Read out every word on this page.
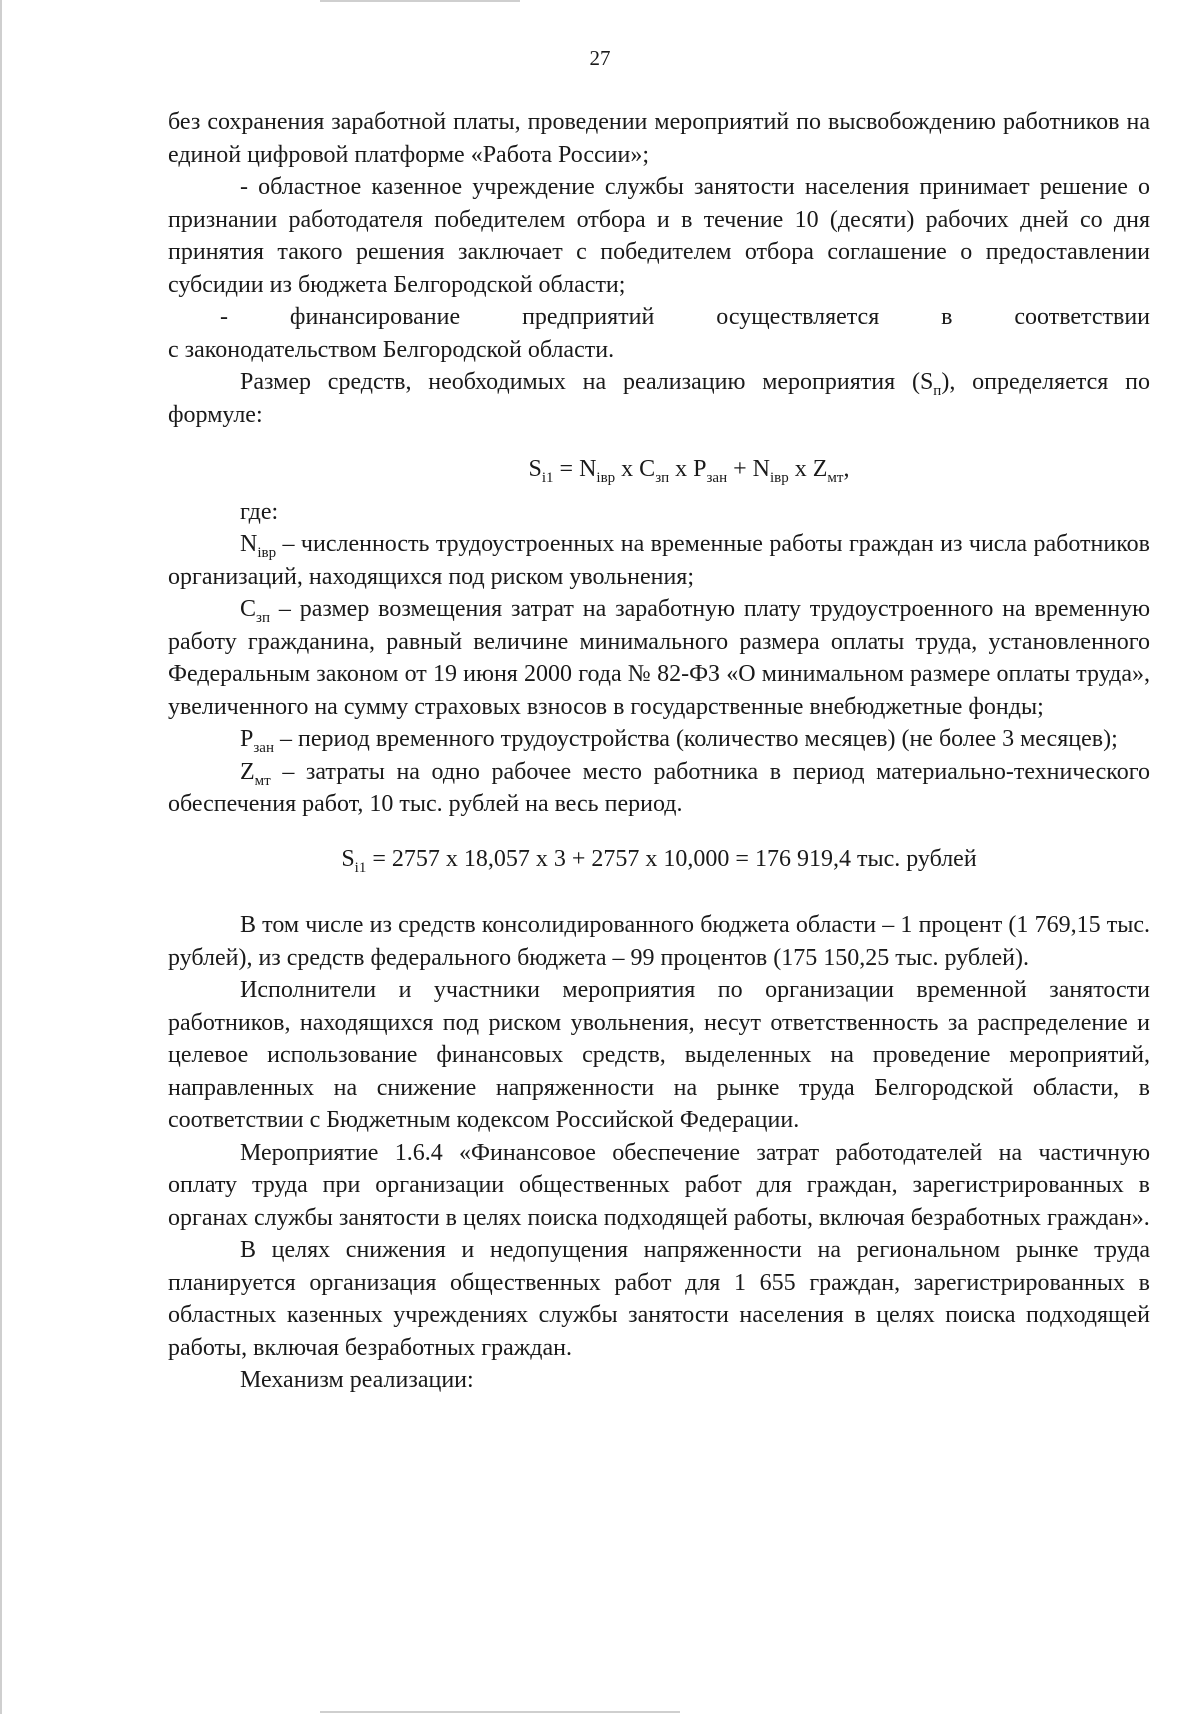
27

без сохранения заработной платы, проведении мероприятий по высвобождению работников на единой цифровой платформе «Работа России»;

- областное казенное учреждение службы занятости населения принимает решение о признании работодателя победителем отбора и в течение 10 (десяти) рабочих дней со дня принятия такого решения заключает с победителем отбора соглашение о предоставлении субсидии из бюджета Белгородской области;

-	финансирование	предприятий	осуществляется	в	соответствии

с законодательством Белгородской области.

Размер средств, необходимых на реализацию мероприятия $(S_п)$, определяется по формуле:

$S_{i1} = N_{івр}$ х $С_{зп}$ х $Р_{зан} + N_{івр}$ х $Z_{мт}$,

где:

$N_{івр}$ – численность трудоустроенных на временные работы граждан из числа работников организаций, находящихся под риском увольнения;

$С_{зп}$ – размер возмещения затрат на заработную плату трудоустроенного на временную работу гражданина, равный величине минимального размера оплаты труда, установленного Федеральным законом от 19 июня 2000 года № 82-ФЗ «О минимальном размере оплаты труда», увеличенного на сумму страховых взносов в государственные внебюджетные фонды;

$Р_{зан}$ – период временного трудоустройства (количество месяцев) (не более 3 месяцев);

$Z_{мт}$ – затраты на одно рабочее место работника в период материально-технического обеспечения работ, 10 тыс. рублей на весь период.

$S_{i1} = 2757$ х 18,057 х 3 + 2757 х 10,000 = 176 919,4 тыс. рублей

В том числе из средств консолидированного бюджета области – 1 процент (1 769,15 тыс. рублей), из средств федерального бюджета – 99 процентов (175 150,25 тыс. рублей).

Исполнители и участники мероприятия по организации временной занятости работников, находящихся под риском увольнения, несут ответственность за распределение и целевое использование финансовых средств, выделенных на проведение мероприятий, направленных на снижение напряженности на рынке труда Белгородской области, в соответствии с Бюджетным кодексом Российской Федерации.

Мероприятие 1.6.4 «Финансовое обеспечение затрат работодателей на частичную оплату труда при организации общественных работ для граждан, зарегистрированных в органах службы занятости в целях поиска подходящей работы, включая безработных граждан».

В целях снижения и недопущения напряженности на региональном рынке труда планируется организация общественных работ для 1 655 граждан, зарегистрированных в областных казенных учреждениях службы занятости населения в целях поиска подходящей работы, включая безработных граждан.

Механизм реализации:
